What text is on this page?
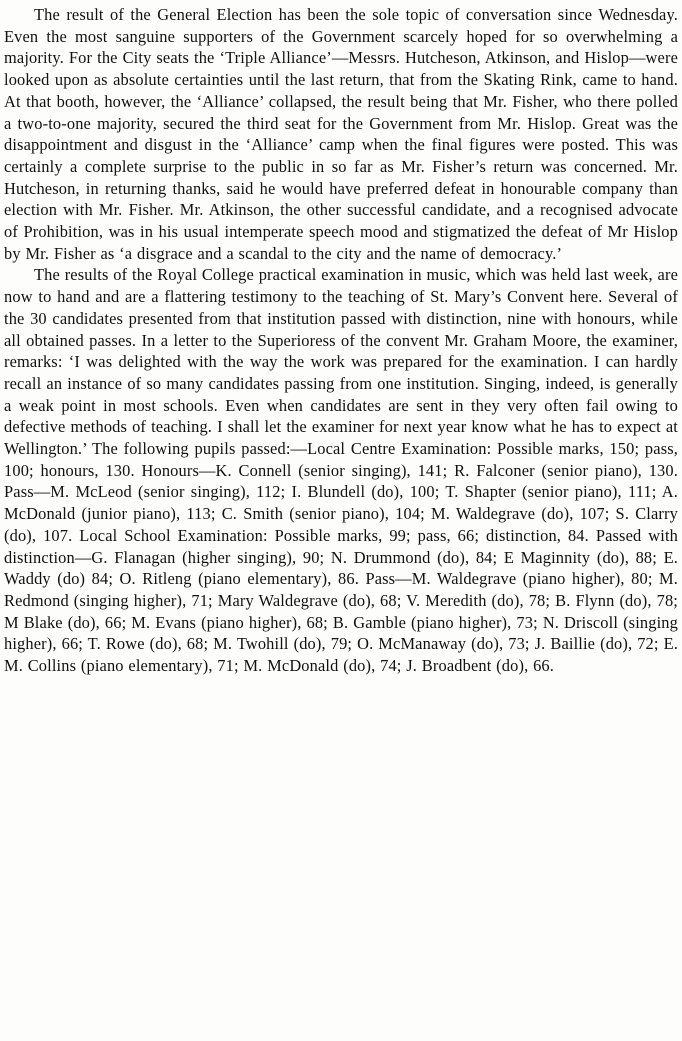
The result of the General Election has been the sole topic of conversation since Wednesday. Even the most sanguine supporters of the Government scarcely hoped for so overwhelming a majority. For the City seats the ‘Triple Alliance’—Messrs. Hutcheson, Atkinson, and Hislop—were looked upon as absolute certainties until the last return, that from the Skating Rink, came to hand. At that booth, however, the ‘Alliance’ collapsed, the result being that Mr. Fisher, who there polled a two-to-one majority, secured the third seat for the Government from Mr. Hislop. Great was the disappointment and disgust in the ‘Alliance’ camp when the final figures were posted. This was certainly a complete surprise to the public in so far as Mr. Fisher’s return was concerned. Mr. Hutcheson, in returning thanks, said he would have preferred defeat in honourable company than election with Mr. Fisher. Mr. Atkinson, the other successful candidate, and a recognised advocate of Prohibition, was in his usual intemperate speech mood and stigmatized the defeat of Mr Hislop by Mr. Fisher as ‘a disgrace and a scandal to the city and the name of democracy.’

The results of the Royal College practical examination in music, which was held last week, are now to hand and are a flattering testimony to the teaching of St. Mary’s Convent here. Several of the 30 candidates presented from that institution passed with distinction, nine with honours, while all obtained passes. In a letter to the Superioress of the convent Mr. Graham Moore, the examiner, remarks: ‘I was delighted with the way the work was prepared for the examination. I can hardly recall an instance of so many candidates passing from one institution. Singing, indeed, is generally a weak point in most schools. Even when candidates are sent in they very often fail owing to defective methods of teaching. I shall let the examiner for next year know what he has to expect at Wellington.’ The following pupils passed:—Local Centre Examination: Possible marks, 150; pass, 100; honours, 130. Honours—K. Connell (senior singing), 141; R. Falconer (senior piano), 130. Pass—M. McLeod (senior singing), 112; I. Blundell (do), 100; T. Shapter (senior piano), 111; A. McDonald (junior piano), 113; C. Smith (senior piano), 104; M. Waldegrave (do), 107; S. Clarry (do), 107. Local School Examination: Possible marks, 99; pass, 66; distinction, 84. Passed with distinction—G. Flanagan (higher singing), 90; N. Drummond (do), 84; E Maginnity (do), 88; E. Waddy (do) 84; O. Ritleng (piano elementary), 86. Pass—M. Waldegrave (piano higher), 80; M. Redmond (singing higher), 71; Mary Waldegrave (do), 68; V. Meredith (do), 78; B. Flynn (do), 78; M Blake (do), 66; M. Evans (piano higher), 68; B. Gamble (piano higher), 73; N. Driscoll (singing higher), 66; T. Rowe (do), 68; M. Twohill (do), 79; O. McManaway (do), 73; J. Baillie (do), 72; E. M. Collins (piano elementary), 71; M. McDonald (do), 74; J. Broadbent (do), 66.
